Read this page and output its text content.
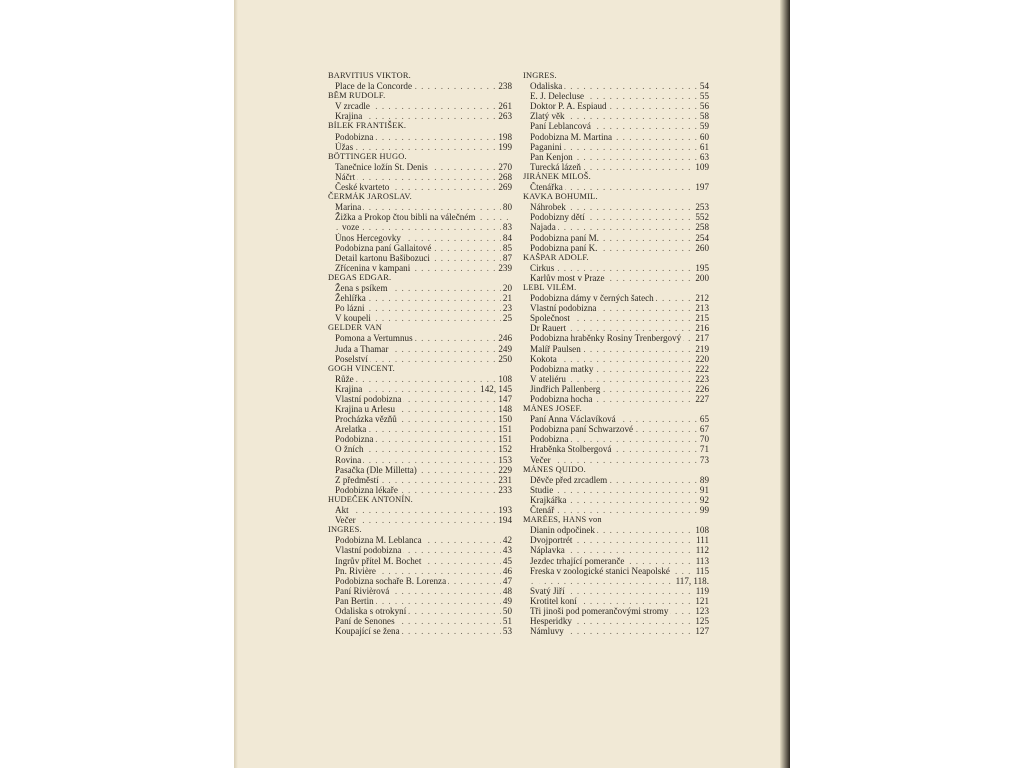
BARVITIUS VIKTOR.
Place de la Concorde	238
. . .
BĚM RUDOLF.
V zrcadle	261
. . .
Krajina	263
. . .
BÍLEK FRANTIŠEK.
Podobizna	198
. . .
Úžas	199
. . .
BÖTTINGER HUGO.
Tanečnice ložín St. Denis	270
. . .
Náčrt	268
. . .
České kvarteto	269
. . .
ČERMÁK JAROSLAV.
Marina	80
. . .
Žižka a Prokop čtou bibli na válečném
. . .
voze	83
. . .
Únos Hercegovky	84
. . .
Podobizna paní Gallaitové	85
. . .
Detail kartonu Bašibozuci	87
. . .
Zřícenina v kampani	239
. . .
DEGAS EDGAR.
Žena s psíkem	20
. . .
Žehlířka	21
. . .
Po lázni	23
. . .
V koupeli	25
. . .
GELDER VAN
Pomona a Vertumnus	246
. . .
Juda a Thamar	249
. . .
Poselství	250
. . .
GOGH VINCENT.
Růže	108
. . .
Krajina	142, 145
. . .
Vlastní podobizna	147
. . .
Krajina u Arlesu	148
. . .
Procházka vězňů	150
. . .
Arelatka	151
. . .
Podobizna	151
. . .
O žních	152
. . .
Rovina	153
. . .
Pasačka (Dle Milletta)	229
. . .
Z předměstí	231
. . .
Podobizna lékaře	233
. . .
HUDEČEK ANTONÍN.
Akt	193
. . .
Večer	194
. . .
INGRES.
Podobizna M. Leblanca	42
. . .
Vlastní podobizna	43
. . .
Ingrův přítel M. Bochet	45
. . .
Pn. Rivière	46
. . .
Podobizna sochaře B. Lorenza	47
. . .
Paní Rivièrová	48
. . .
Pan Bertin	49
. . .
Odaliska s otrokyní	50
. . .
Paní de Senones	51
. . .
Koupající se žena	53
. . .
INGRES.
Odaliska	54
. . .
E. J. Delecluse	55
. . .
Doktor P. A. Espiaud	56
. . .
Zlatý věk	58
. . .
Paní Leblancová	59
. . .
Podobizna M. Martina	60
. . .
Paganini	61
. . .
Pan Kenjon	63
. . .
Turecká lázeň	109
. . .
JIRÁNEK MILOŠ.
Čtenářka	197
. . .
KAVKA BOHUMIL.
Náhrobek	253
. . .
Podobizny dětí	552
. . .
Najada	258
. . .
Podobizna paní M.	254
. . .
Podobizna paní K.	260
. . .
KAŠPAR ADOLF.
Cirkus	195
. . .
Karlův most v Praze	200
. . .
LEBL VILÉM.
Podobizna dámy v černých šatech	212
. . .
Vlastní podobizna	213
. . .
Společnost	215
. . .
Dr Rauert	216
. . .
Podobizna hraběnky Rosiny Trenbergový 217
. . .
Malíř Paulsen	219
. . .
Kokota	220
. . .
Podobizna matky	222
. . .
V ateliéru	223
. . .
Jindřich Pallenberg	226
. . .
Podobizna hocha	227
. . .
MÁNES JOSEF.
Paní Anna Václavíková	65
. . .
Podobizna paní Schwarzové	67
. . .
Podobizna	70
. . .
Hraběnka Stolbergová	71
. . .
Večer	73
. . .
MÁNES QUIDO.
Děvče před zrcadlem	89
. . .
Studie	91
. . .
Krajkářka	92
. . .
Čtenář	99
. . .
MARÉES, HANS von
Dianin odpočinek	108
. . .
Dvojportrét	111
. . .
Náplavka	112
. . .
Jezdec trhající pomeranče	113
. . .
Freska v zoologické stanici Neapolské	115
. . .
117, 118.
. . .
Svatý Jiří	119
. . .
Krotitel koní	121
. . .
Tři jinoši pod pomerančovými stromy	123
. . .
Hesperidky	125
. . .
Námluvy	127
. . .
